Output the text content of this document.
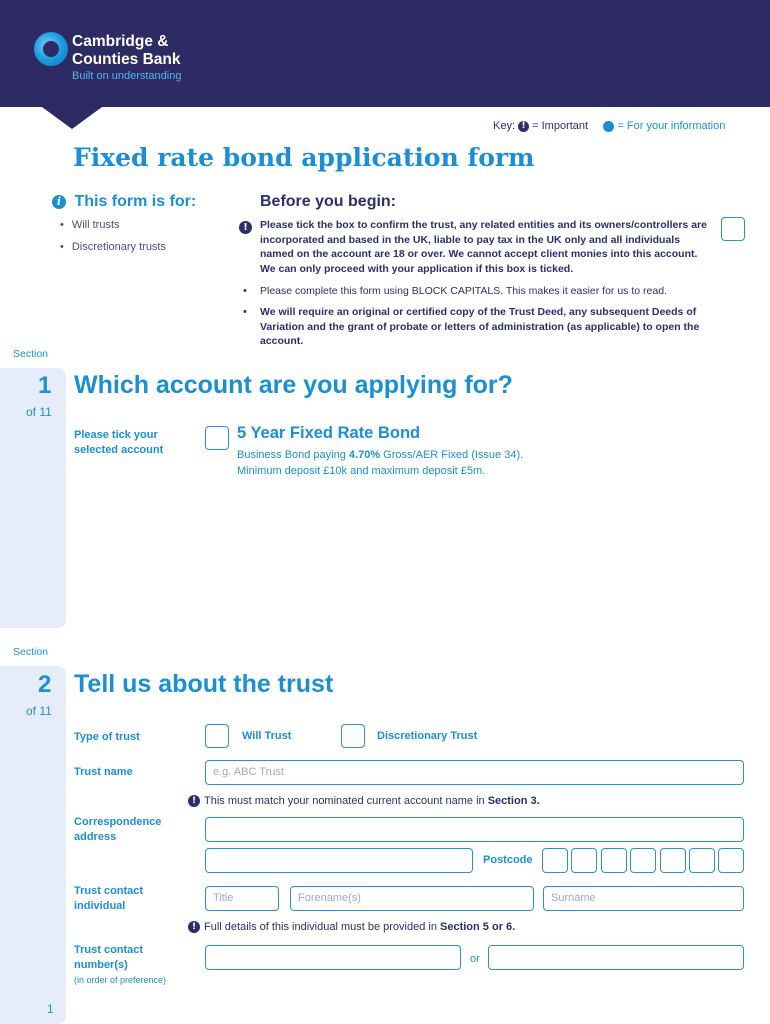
Cambridge &
Counties Bank
Built on understanding
Key: ! = Important i = For your information
Fixed rate bond application form
i This form is for:
• Will trusts
• Discretionary trusts
Before you begin:
!	Please tick the box to confirm the trust, any related entities and its owners/controllers are incorporated and based in the UK, liable to pay tax in the UK only and all individuals named on the account are 18 or over. We cannot accept client monies into this account. We can only proceed with your application if this box is ticked.
• Please complete this form using BLOCK CAPITALS. This makes it easier for us to read.
• We will require an original or certified copy of the Trust Deed, any subsequent Deeds of Variation and the grant of probate or letters of administration (as applicable) to open the account.
Section
1
of 11
Which account are you applying for?
Please tick your selected account
5 Year Fixed Rate Bond
Business Bond paying 4.70% Gross/AER Fixed (Issue 34).
Minimum deposit £10k and maximum deposit £5m.
Section
2
of 11
Tell us about the trust
Type of trust	Will Trust	Discretionary Trust
Trust name	e.g. ABC Trust
! This must match your nominated current account name in Section 3.
Correspondence address
Postcode
Trust contact individual
Title	Forename(s)	Surname
! Full details of this individual must be provided in Section 5 or 6.
Trust contact number(s)	or
(in order of preference)
1
